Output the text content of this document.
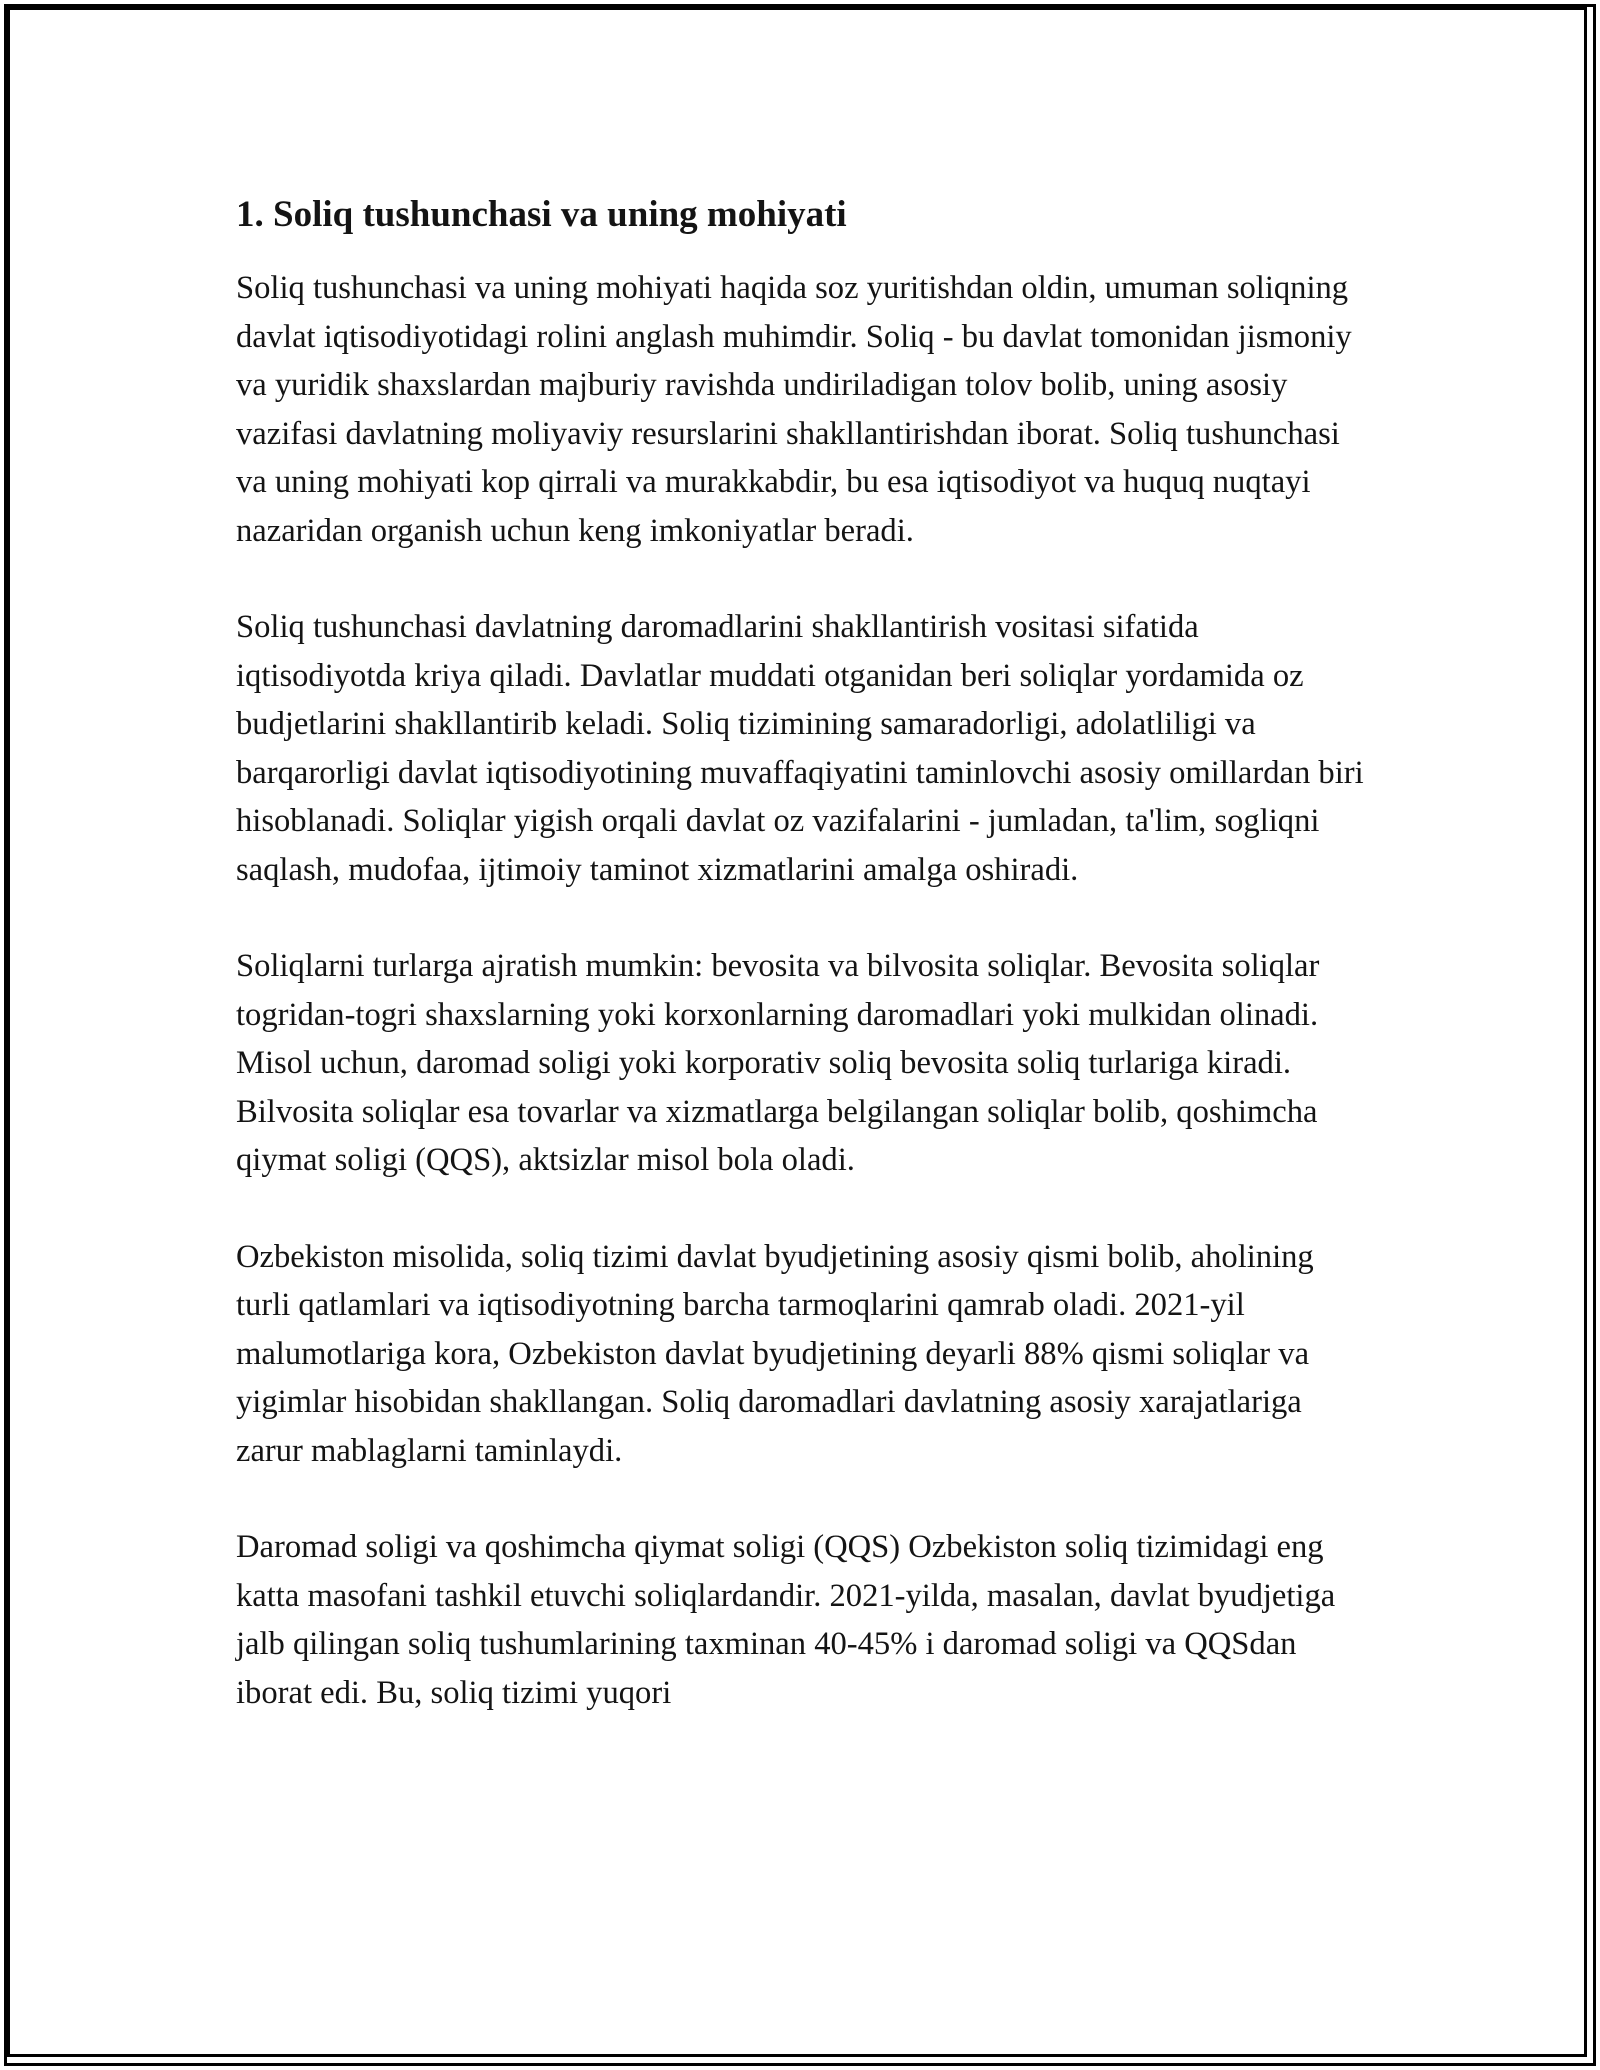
1. Soliq tushunchasi va uning mohiyati

Soliq tushunchasi va uning mohiyati haqida soz yuritishdan oldin, umuman soliqning davlat iqtisodiyotidagi rolini anglash muhimdir. Soliq - bu davlat tomonidan jismoniy va yuridik shaxslardan majburiy ravishda undiriladigan tolov bolib, uning asosiy vazifasi davlatning moliyaviy resurslarini shakllantirishdan iborat. Soliq tushunchasi va uning mohiyati kop qirrali va murakkabdir, bu esa iqtisodiyot va huquq nuqtayi nazaridan organish uchun keng imkoniyatlar beradi.

Soliq tushunchasi davlatning daromadlarini shakllantirish vositasi sifatida iqtisodiyotda kriya qiladi. Davlatlar muddati otganidan beri soliqlar yordamida oz budjetlarini shakllantirib keladi. Soliq tizimining samaradorligi, adolatliligi va barqarorligi davlat iqtisodiyotining muvaffaqiyatini taminlovchi asosiy omillardan biri hisoblanadi. Soliqlar yigish orqali davlat oz vazifalarini - jumladan, ta'lim, sogliqni saqlash, mudofaa, ijtimoiy taminot xizmatlarini amalga oshiradi.

Soliqlarni turlarga ajratish mumkin: bevosita va bilvosita soliqlar. Bevosita soliqlar togridan-togri shaxslarning yoki korxonlarning daromadlari yoki mulkidan olinadi. Misol uchun, daromad soligi yoki korporativ soliq bevosita soliq turlariga kiradi. Bilvosita soliqlar esa tovarlar va xizmatlarga belgilangan soliqlar bolib, qoshimcha qiymat soligi (QQS), aktsizlar misol bola oladi.

Ozbekiston misolida, soliq tizimi davlat byudjetining asosiy qismi bolib, aholining turli qatlamlari va iqtisodiyotning barcha tarmoqlarini qamrab oladi. 2021-yil malumotlariga kora, Ozbekiston davlat byudjetining deyarli 88% qismi soliqlar va yigimlar hisobidan shakllangan. Soliq daromadlari davlatning asosiy xarajatlariga zarur mablaglarni taminlaydi.

Daromad soligi va qoshimcha qiymat soligi (QQS) Ozbekiston soliq tizimidagi eng katta masofani tashkil etuvchi soliqlardandir. 2021-yilda, masalan, davlat byudjetiga jalb qilingan soliq tushumlarining taxminan 40-45% i daromad soligi va QQSdan iborat edi. Bu, soliq tizimi yuqori
